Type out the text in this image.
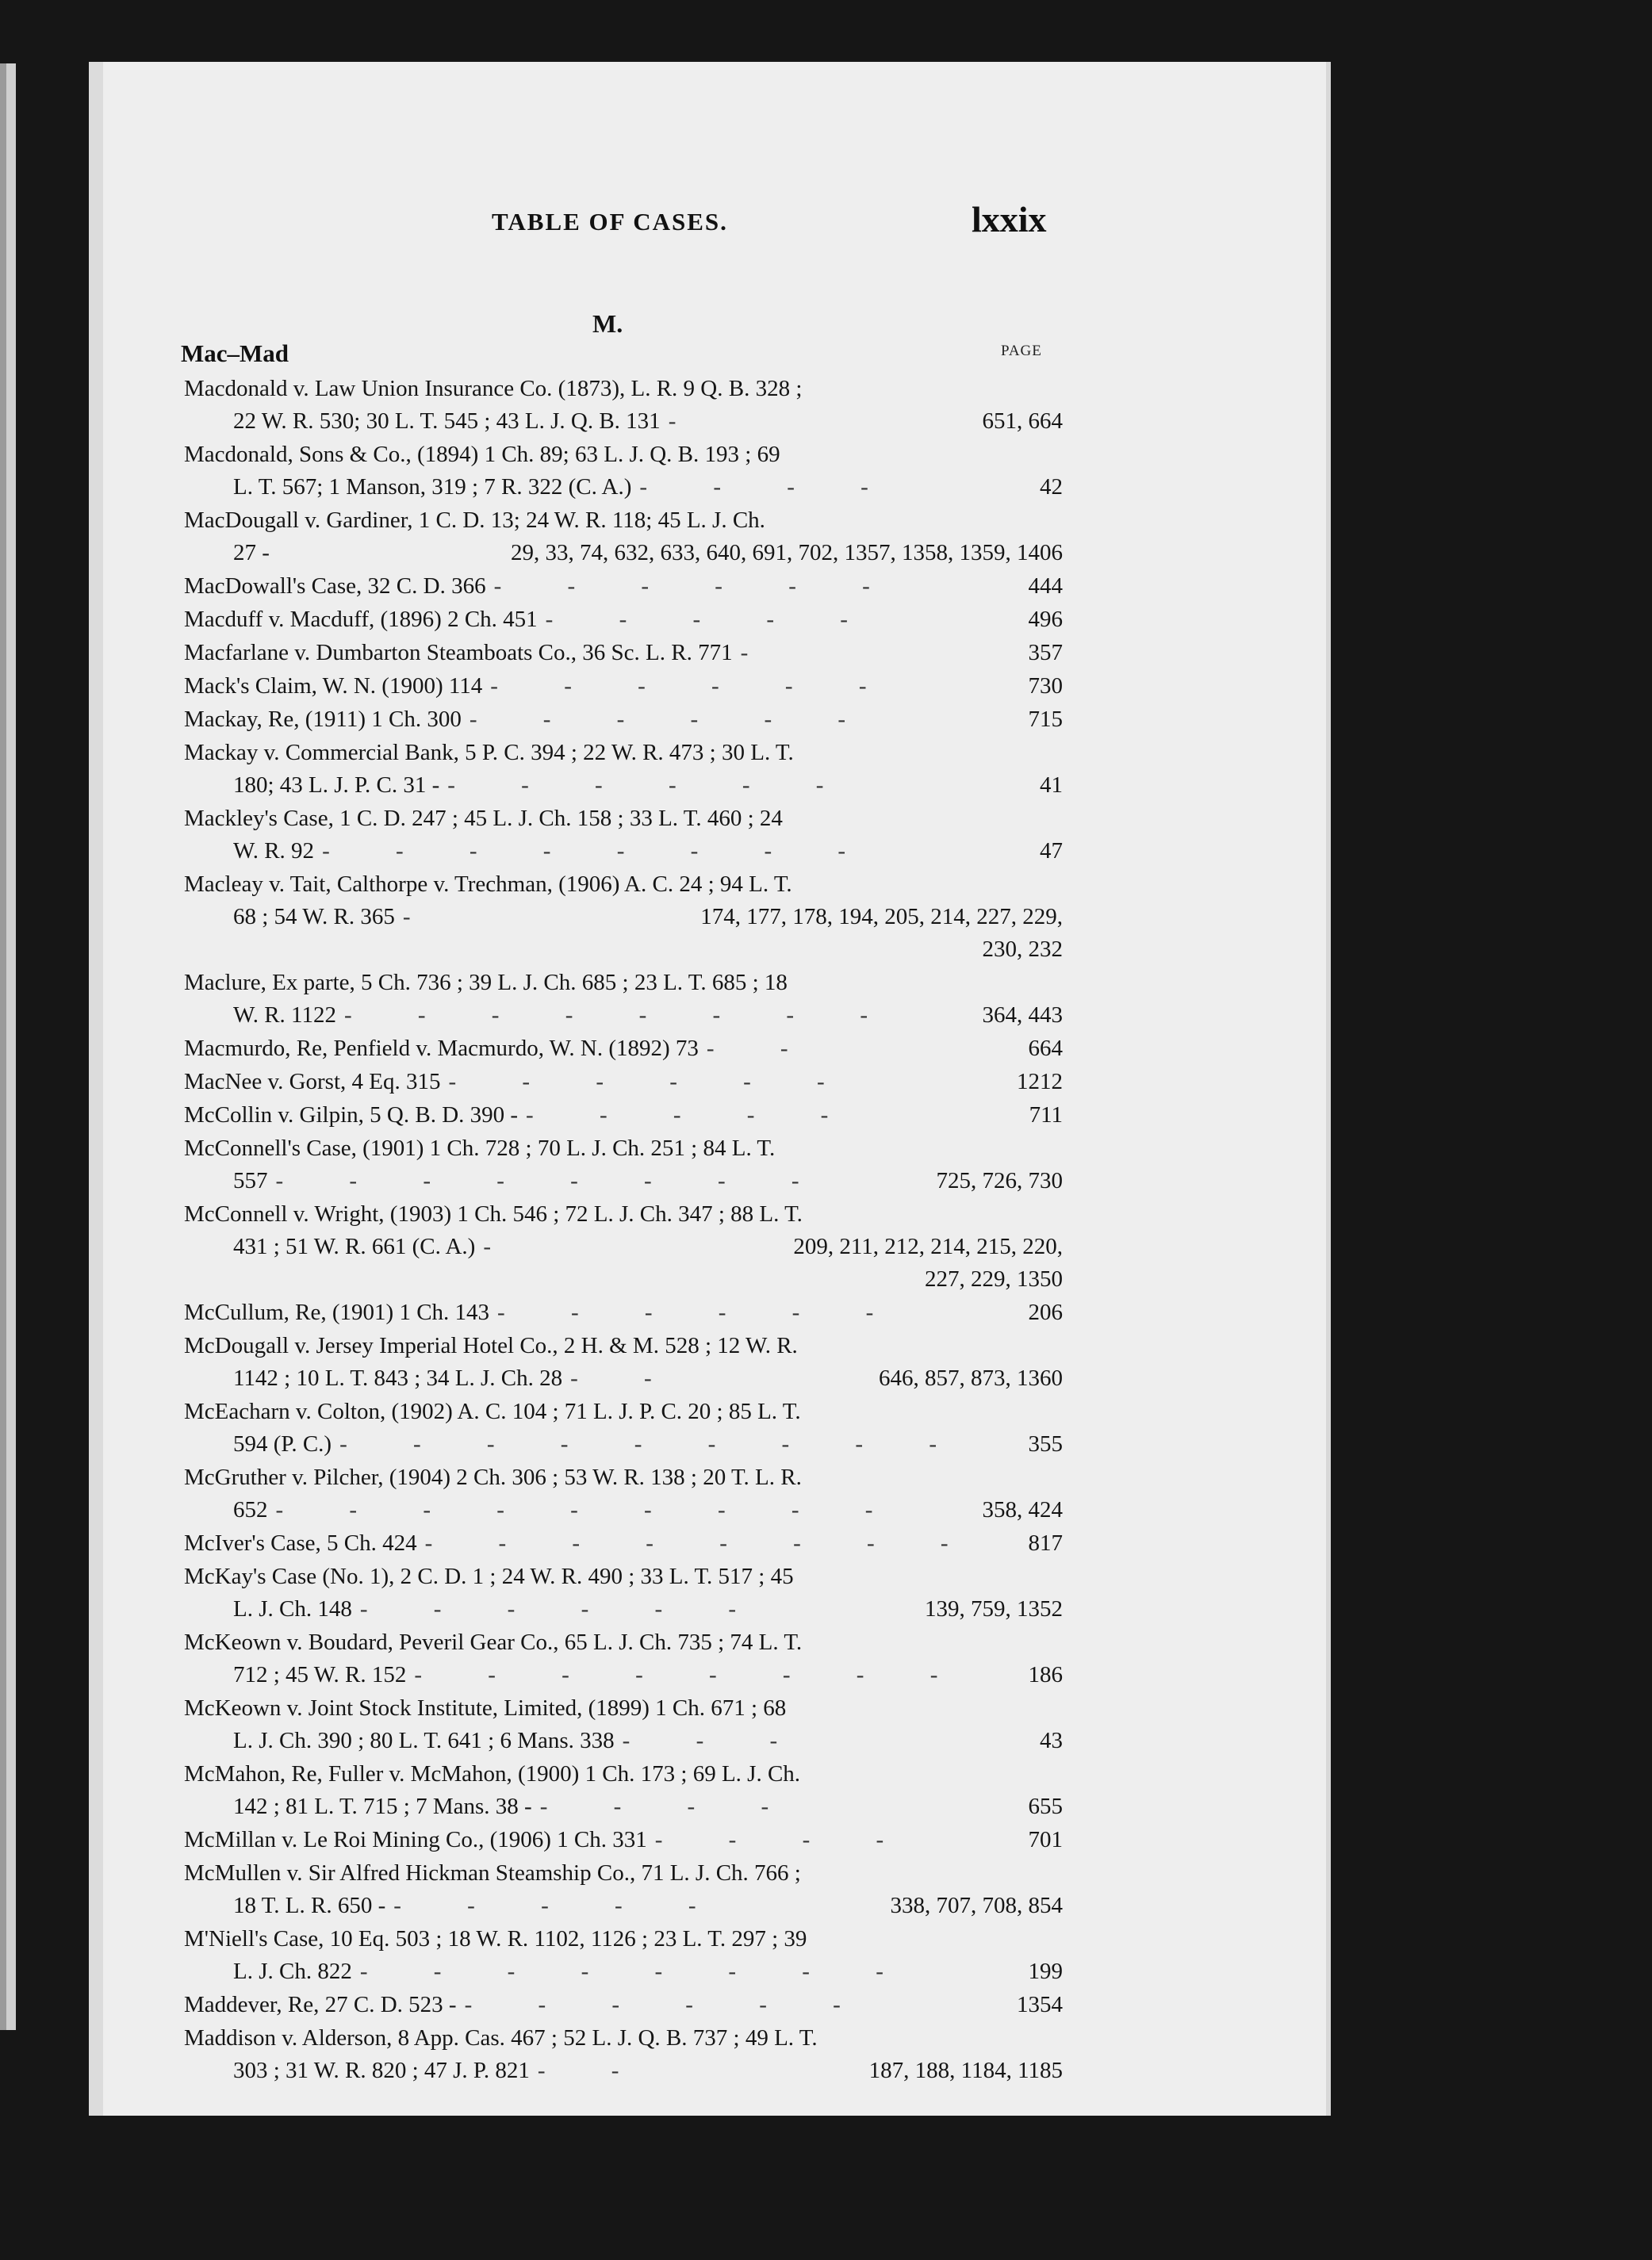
TABLE OF CASES.	lxxix
M.
Mac–Mad	PAGE
Macdonald v. Law Union Insurance Co. (1873), L. R. 9 Q. B. 328 ;
22 W. R. 530; 30 L. T. 545 ; 43 L. J. Q. B. 131 -	651, 664
Macdonald, Sons & Co., (1894) 1 Ch. 89; 63 L. J. Q. B. 193 ; 69
L. T. 567; 1 Manson, 319 ; 7 R. 322 (C. A.) - - - -	42
MacDougall v. Gardiner, 1 C. D. 13; 24 W. R. 118; 45 L. J. Ch.
27 -	29, 33, 74, 632, 633, 640, 691, 702, 1357, 1358, 1359, 1406
MacDowall's Case, 32 C. D. 366 - - - - - -	444
Macduff v. Macduff, (1896) 2 Ch. 451 - - - - -	496
Macfarlane v. Dumbarton Steamboats Co., 36 Sc. L. R. 771 -	357
Mack's Claim, W. N. (1900) 114 - - - - - -	730
Mackay, Re, (1911) 1 Ch. 300 - - - - - -	715
Mackay v. Commercial Bank, 5 P. C. 394 ; 22 W. R. 473 ; 30 L. T.
180; 43 L. J. P. C. 31 - - - - - - -	41
Mackley's Case, 1 C. D. 247 ; 45 L. J. Ch. 158 ; 33 L. T. 460 ; 24
W. R. 92 - - - - - - - -	47
Macleay v. Tait, Calthorpe v. Trechman, (1906) A. C. 24 ; 94 L. T.
68 ; 54 W. R. 365 -	174, 177, 178, 194, 205, 214, 227, 229,
230, 232
Maclure, Ex parte, 5 Ch. 736 ; 39 L. J. Ch. 685 ; 23 L. T. 685 ; 18
W. R. 1122 - - - - - - - -	364, 443
Macmurdo, Re, Penfield v. Macmurdo, W. N. (1892) 73 - -	664
MacNee v. Gorst, 4 Eq. 315 - - - - - -	1212
McCollin v. Gilpin, 5 Q. B. D. 390 - - - - - -	711
McConnell's Case, (1901) 1 Ch. 728 ; 70 L. J. Ch. 251 ; 84 L. T.
557 - - - - - - - -	725, 726, 730
McConnell v. Wright, (1903) 1 Ch. 546 ; 72 L. J. Ch. 347 ; 88 L. T.
431 ; 51 W. R. 661 (C. A.) -	209, 211, 212, 214, 215, 220,
227, 229, 1350
McCullum, Re, (1901) 1 Ch. 143 - - - - - -	206
McDougall v. Jersey Imperial Hotel Co., 2 H. & M. 528 ; 12 W. R.
1142 ; 10 L. T. 843 ; 34 L. J. Ch. 28 - -	646, 857, 873, 1360
McEacharn v. Colton, (1902) A. C. 104 ; 71 L. J. P. C. 20 ; 85 L. T.
594 (P. C.) - - - - - - - - -	355
McGruther v. Pilcher, (1904) 2 Ch. 306 ; 53 W. R. 138 ; 20 T. L. R.
652 - - - - - - - - -	358, 424
McIver's Case, 5 Ch. 424 - - - - - - - -	817
McKay's Case (No. 1), 2 C. D. 1 ; 24 W. R. 490 ; 33 L. T. 517 ; 45
L. J. Ch. 148 - - - - - -	139, 759, 1352
McKeown v. Boudard, Peveril Gear Co., 65 L. J. Ch. 735 ; 74 L. T.
712 ; 45 W. R. 152 - - - - - - - -	186
McKeown v. Joint Stock Institute, Limited, (1899) 1 Ch. 671 ; 68
L. J. Ch. 390 ; 80 L. T. 641 ; 6 Mans. 338 - - -	43
McMahon, Re, Fuller v. McMahon, (1900) 1 Ch. 173 ; 69 L. J. Ch.
142 ; 81 L. T. 715 ; 7 Mans. 38 - - - - -	655
McMillan v. Le Roi Mining Co., (1906) 1 Ch. 331 - - - -	701
McMullen v. Sir Alfred Hickman Steamship Co., 71 L. J. Ch. 766 ;
18 T. L. R. 650 - - - - - -	338, 707, 708, 854
M'Niell's Case, 10 Eq. 503 ; 18 W. R. 1102, 1126 ; 23 L. T. 297 ; 39
L. J. Ch. 822 - - - - - - - -	199
Maddever, Re, 27 C. D. 523 - - - - - - -	1354
Maddison v. Alderson, 8 App. Cas. 467 ; 52 L. J. Q. B. 737 ; 49 L. T.
303 ; 31 W. R. 820 ; 47 J. P. 821 - -	187, 188, 1184, 1185
